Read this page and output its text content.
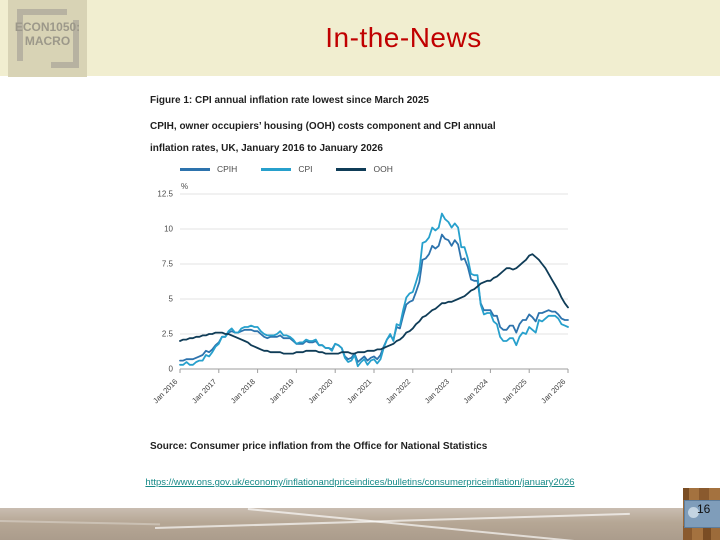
ECON1050:
MACRO	In-the-News
Figure 1: CPI annual inflation rate lowest since March 2025
CPIH, owner occupiers’ housing (OOH) costs component and CPI annual
inflation rates, UK, January 2016 to January 2026
CPIH	CPI	OOH
0
2.5
5
7.5
10
12.5
%
Jan 2016 Jan 2017 Jan 2018 Jan 2019 Jan 2020 Jan 2021 Jan 2022 Jan 2023 Jan 2024 Jan 2025 Jan 2026
Source: Consumer price inflation from the Office for National Statistics
https://www.ons.gov.uk/economy/inflationandpriceindices/bulletins/consumerpriceinflation/january2026
16
